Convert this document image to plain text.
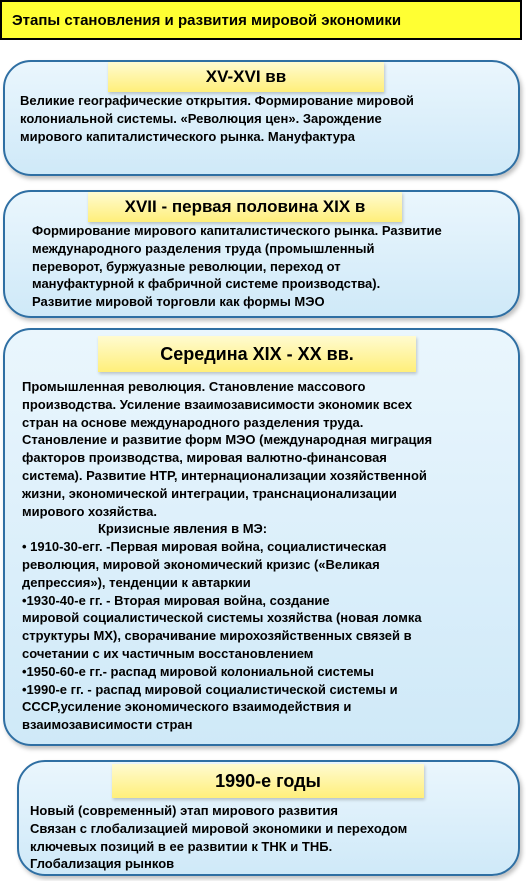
Этапы становления и развития мировой экономики
XV-XVI вв
Великие географические открытия. Формирование мировой
колониальной системы. «Революция цен». Зарождение
мирового капиталистического рынка. Мануфактура
XVII - первая половина XIX в
Формирование мирового капиталистического рынка. Развитие
международного разделения труда (промышленный
переворот, буржуазные революции, переход от
мануфактурной к фабричной системе производства).
Развитие мировой торговли как формы МЭО
Середина XIX - XX вв.
Промышленная революция. Становление массового
производства. Усиление взаимозависимости экономик всех
стран на основе международного разделения труда.
Становление и развитие форм МЭО (международная миграция
факторов производства, мировая валютно-финансовая
система). Развитие НТР, интернационализации хозяйственной
жизни, экономической интеграции, транснационализации
мирового хозяйства.
Кризисные явления в МЭ:
• 1910-30-егг. -Первая мировая война, социалистическая
революция, мировой экономический кризис («Великая
депрессия»), тенденции к автаркии
•1930-40-е гг. - Вторая мировая война, создание
мировой социалистической системы хозяйства (новая ломка
структуры МХ), сворачивание мирохозяйственных связей в
сочетании с их частичным восстановлением
•1950-60-е гг.- распад мировой колониальной системы
•1990-е гг. - распад мировой социалистической системы и
СССР,усиление экономического взаимодействия и
взаимозависимости стран
1990-е годы
Новый (современный) этап мирового развития
Связан с глобализацией мировой экономики и переходом
ключевых позиций в ее развитии к ТНК и ТНБ.
Глобализация рынков
